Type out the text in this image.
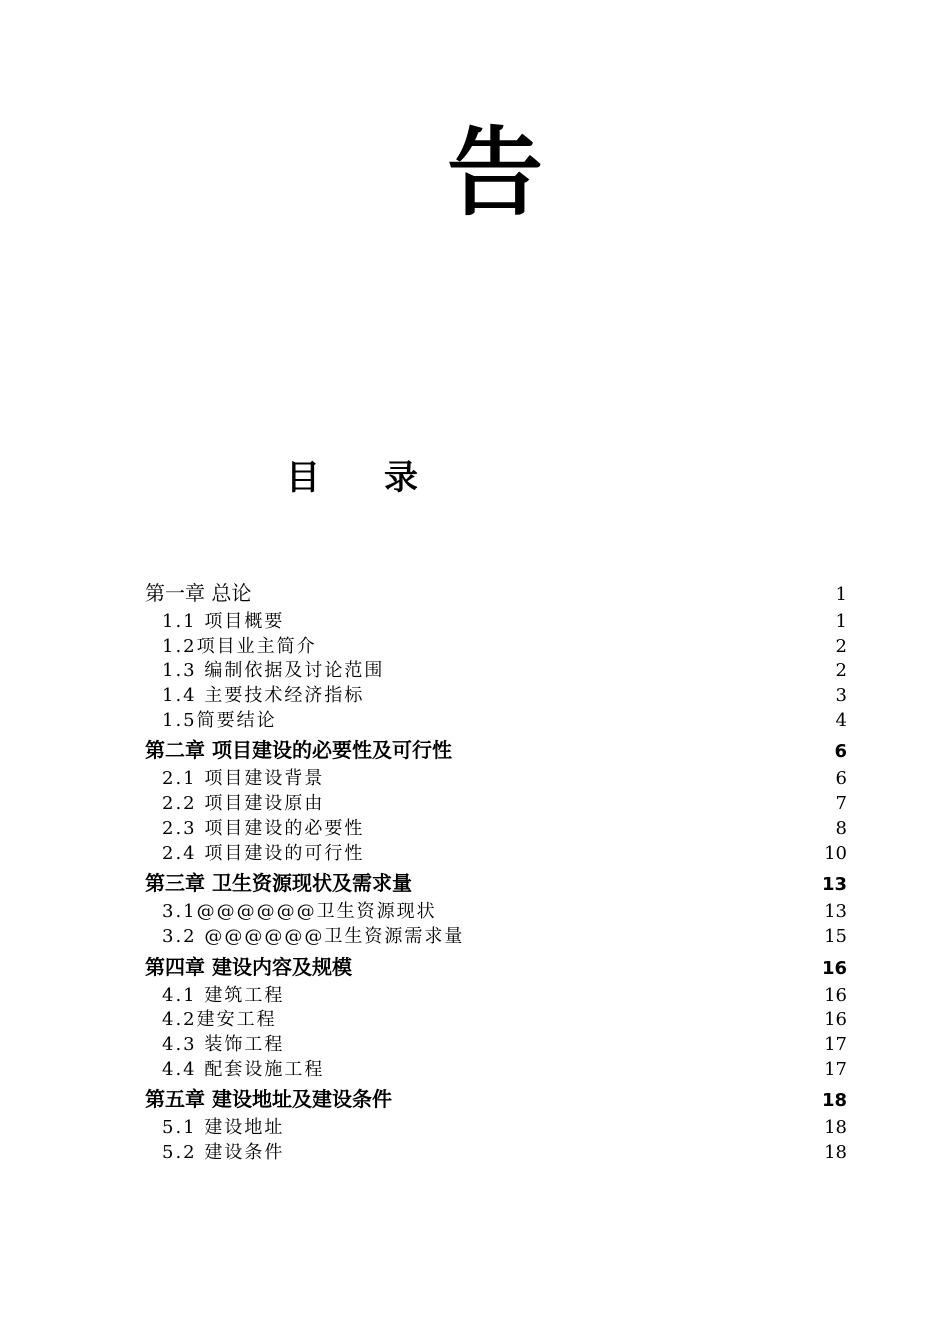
告
目 录
第一章 总论	1
1.1 项目概要	1
1.2项目业主简介	2
1.3 编制依据及讨论范围	2
1.4 主要技术经济指标	3
1.5简要结论	4
第二章 项目建设的必要性及可行性	6
2.1 项目建设背景	6
2.2 项目建设原由	7
2.3 项目建设的必要性	8
2.4 项目建设的可行性	10
第三章 卫生资源现状及需求量	13
3.1@@@@@@卫生资源现状	13
3.2 @@@@@@卫生资源需求量	15
第四章 建设内容及规模	16
4.1 建筑工程	16
4.2建安工程	16
4.3 装饰工程	17
4.4 配套设施工程	17
第五章 建设地址及建设条件	18
5.1 建设地址	18
5.2 建设条件	18
